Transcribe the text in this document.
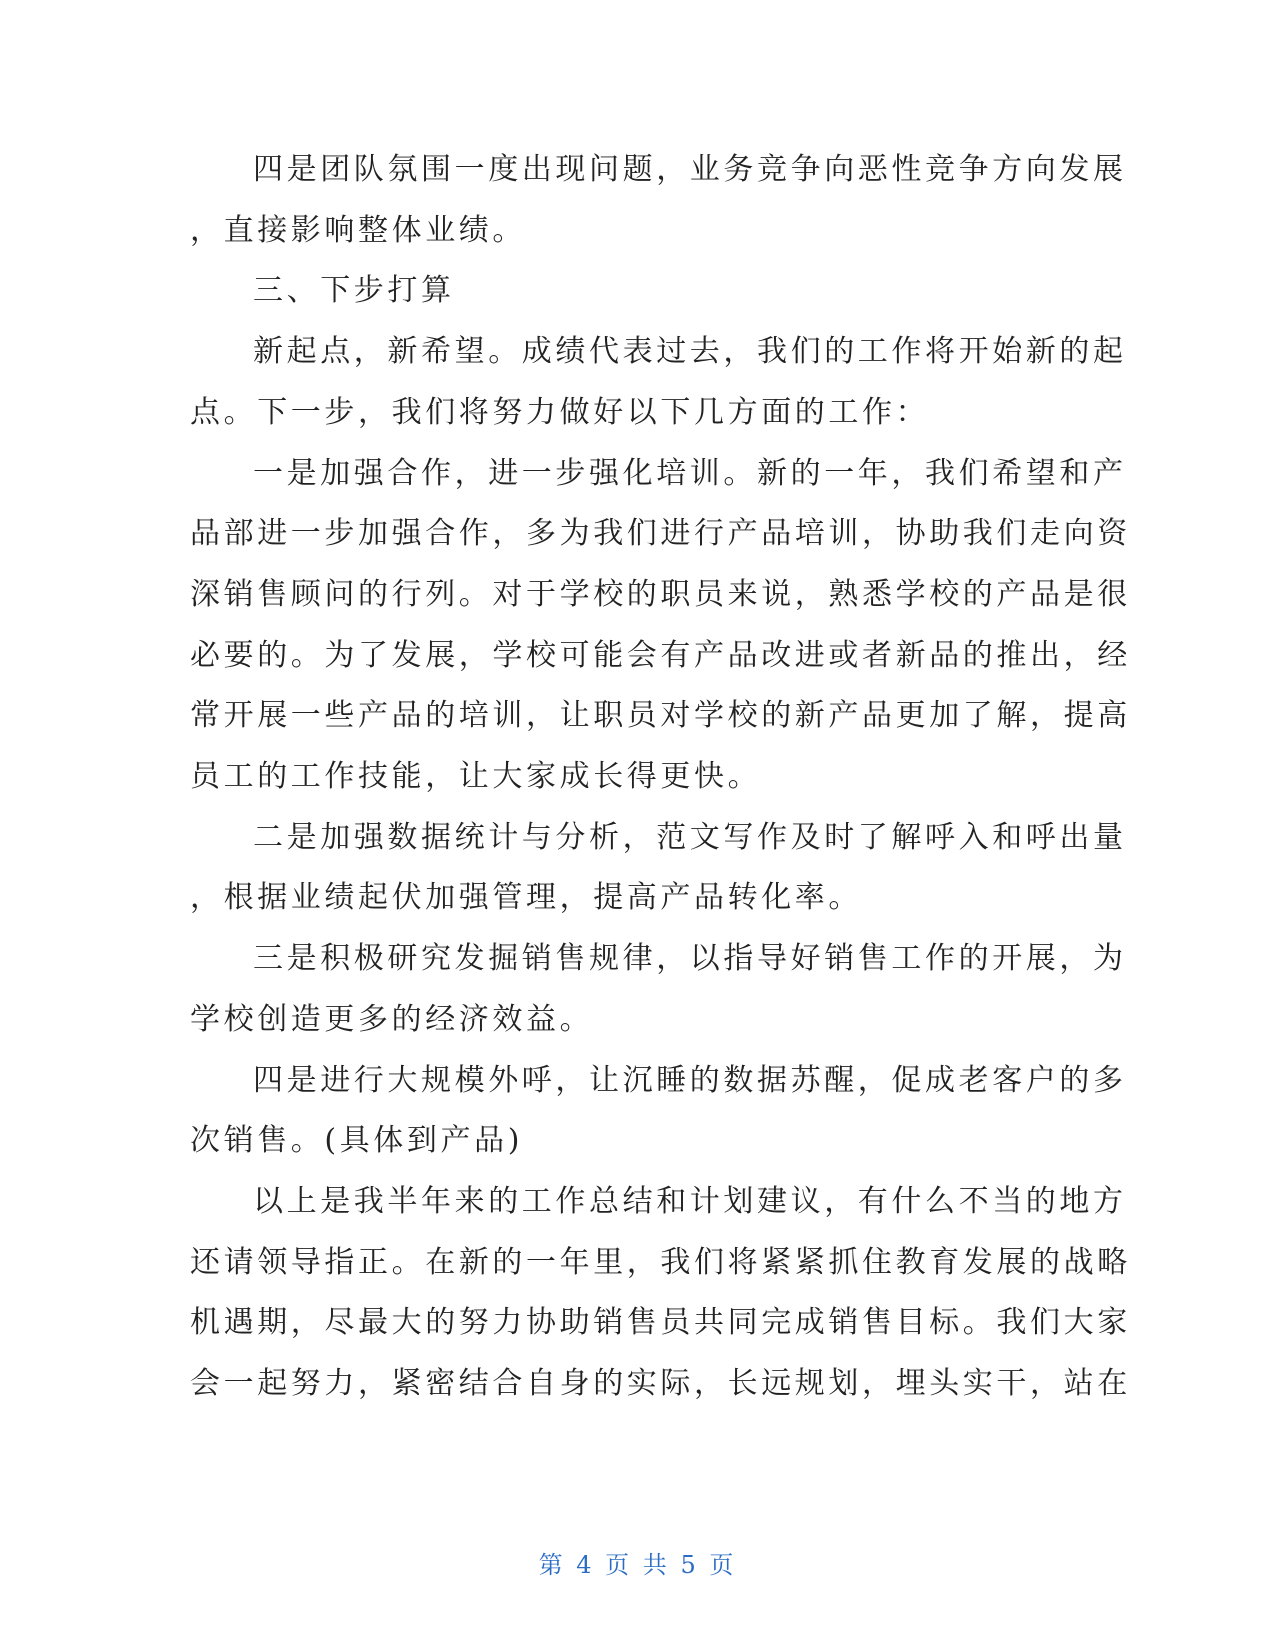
四是团队氛围一度出现问题，业务竞争向恶性竞争方向发展
，直接影响整体业绩。
三、下步打算
新起点，新希望。成绩代表过去，我们的工作将开始新的起
点。下一步，我们将努力做好以下几方面的工作：
一是加强合作，进一步强化培训。新的一年，我们希望和产
品部进一步加强合作，多为我们进行产品培训，协助我们走向资
深销售顾问的行列。对于学校的职员来说，熟悉学校的产品是很
必要的。为了发展，学校可能会有产品改进或者新品的推出，经
常开展一些产品的培训，让职员对学校的新产品更加了解，提高
员工的工作技能，让大家成长得更快。
二是加强数据统计与分析，范文写作及时了解呼入和呼出量
，根据业绩起伏加强管理，提高产品转化率。
三是积极研究发掘销售规律，以指导好销售工作的开展，为
学校创造更多的经济效益。
四是进行大规模外呼，让沉睡的数据苏醒，促成老客户的多
次销售。(具体到产品)
以上是我半年来的工作总结和计划建议，有什么不当的地方
还请领导指正。在新的一年里，我们将紧紧抓住教育发展的战略
机遇期，尽最大的努力协助销售员共同完成销售目标。我们大家
会一起努力，紧密结合自身的实际，长远规划，埋头实干，站在
第 4 页 共 5 页
